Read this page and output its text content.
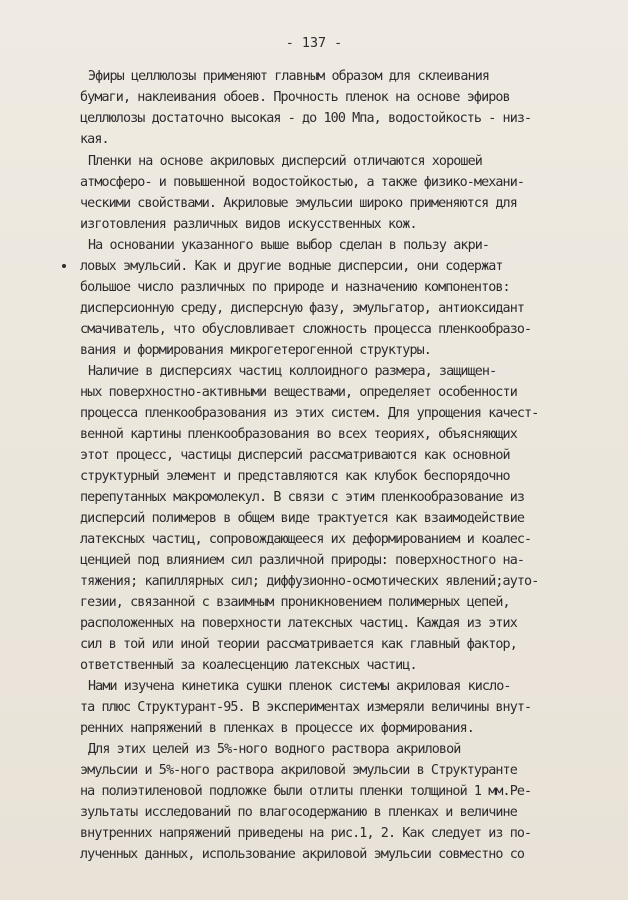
- 137 -
Эфиры целлюлозы применяют главным образом для склеивания
бумаги, наклеивания обоев. Прочность пленок на основе эфиров
целлюлозы достаточно высокая - до 100 Мпа, водостойкость - низ-
кая.
Пленки на основе акриловых дисперсий отличаются хорошей
атмосферо- и повышенной водостойкостью, а также физико-механи-
ческими свойствами. Акриловые эмульсии широко применяются для
изготовления различных видов искусственных кож.
На основании указанного выше выбор сделан в пользу акри-
ловых эмульсий. Как и другие водные дисперсии, они содержат
большое число различных по природе и назначению компонентов:
дисперсионную среду, дисперсную фазу, эмульгатор, антиоксидант
смачиватель, что обусловливает сложность процесса пленкообразо-
вания и формирования микрогетерогенной структуры.
Наличие в дисперсиях частиц коллоидного размера, защищен-
ных поверхностно-активными веществами, определяет особенности
процесса пленкообразования из этих систем. Для упрощения качест-
венной картины пленкообразования во всех теориях, объясняющих
этот процесс, частицы дисперсий рассматриваются как основной
структурный элемент и представляются как клубок беспорядочно
перепутанных макромолекул. В связи с этим пленкообразование из
дисперсий полимеров в общем виде трактуется как взаимодействие
латексных частиц, сопровождающееся их деформированием и коалес-
ценцией под влиянием сил различной природы: поверхностного на-
тяжения; капиллярных сил; диффузионно-осмотических явлений;ауто-
гезии, связанной с взаимным проникновением полимерных цепей,
расположенных на поверхности латексных частиц. Каждая из этих
сил в той или иной теории рассматривается как главный фактор,
ответственный за коалесценцию латексных частиц.
Нами изучена кинетика сушки пленок системы акриловая кисло-
та плюс Структурант-95. В экспериментах измеряли величины внут-
ренних напряжений в пленках в процессе их формирования.
Для этих целей из 5%-ного водного раствора акриловой
эмульсии и 5%-ного раствора акриловой эмульсии в Структуранте
на полиэтиленовой подложке были отлиты пленки толщиной 1 мм.Ре-
зультаты исследований по влагосодержанию в пленках и величине
внутренних напряжений приведены на рис.1, 2. Как следует из по-
лученных данных, использование акриловой эмульсии совместно со
